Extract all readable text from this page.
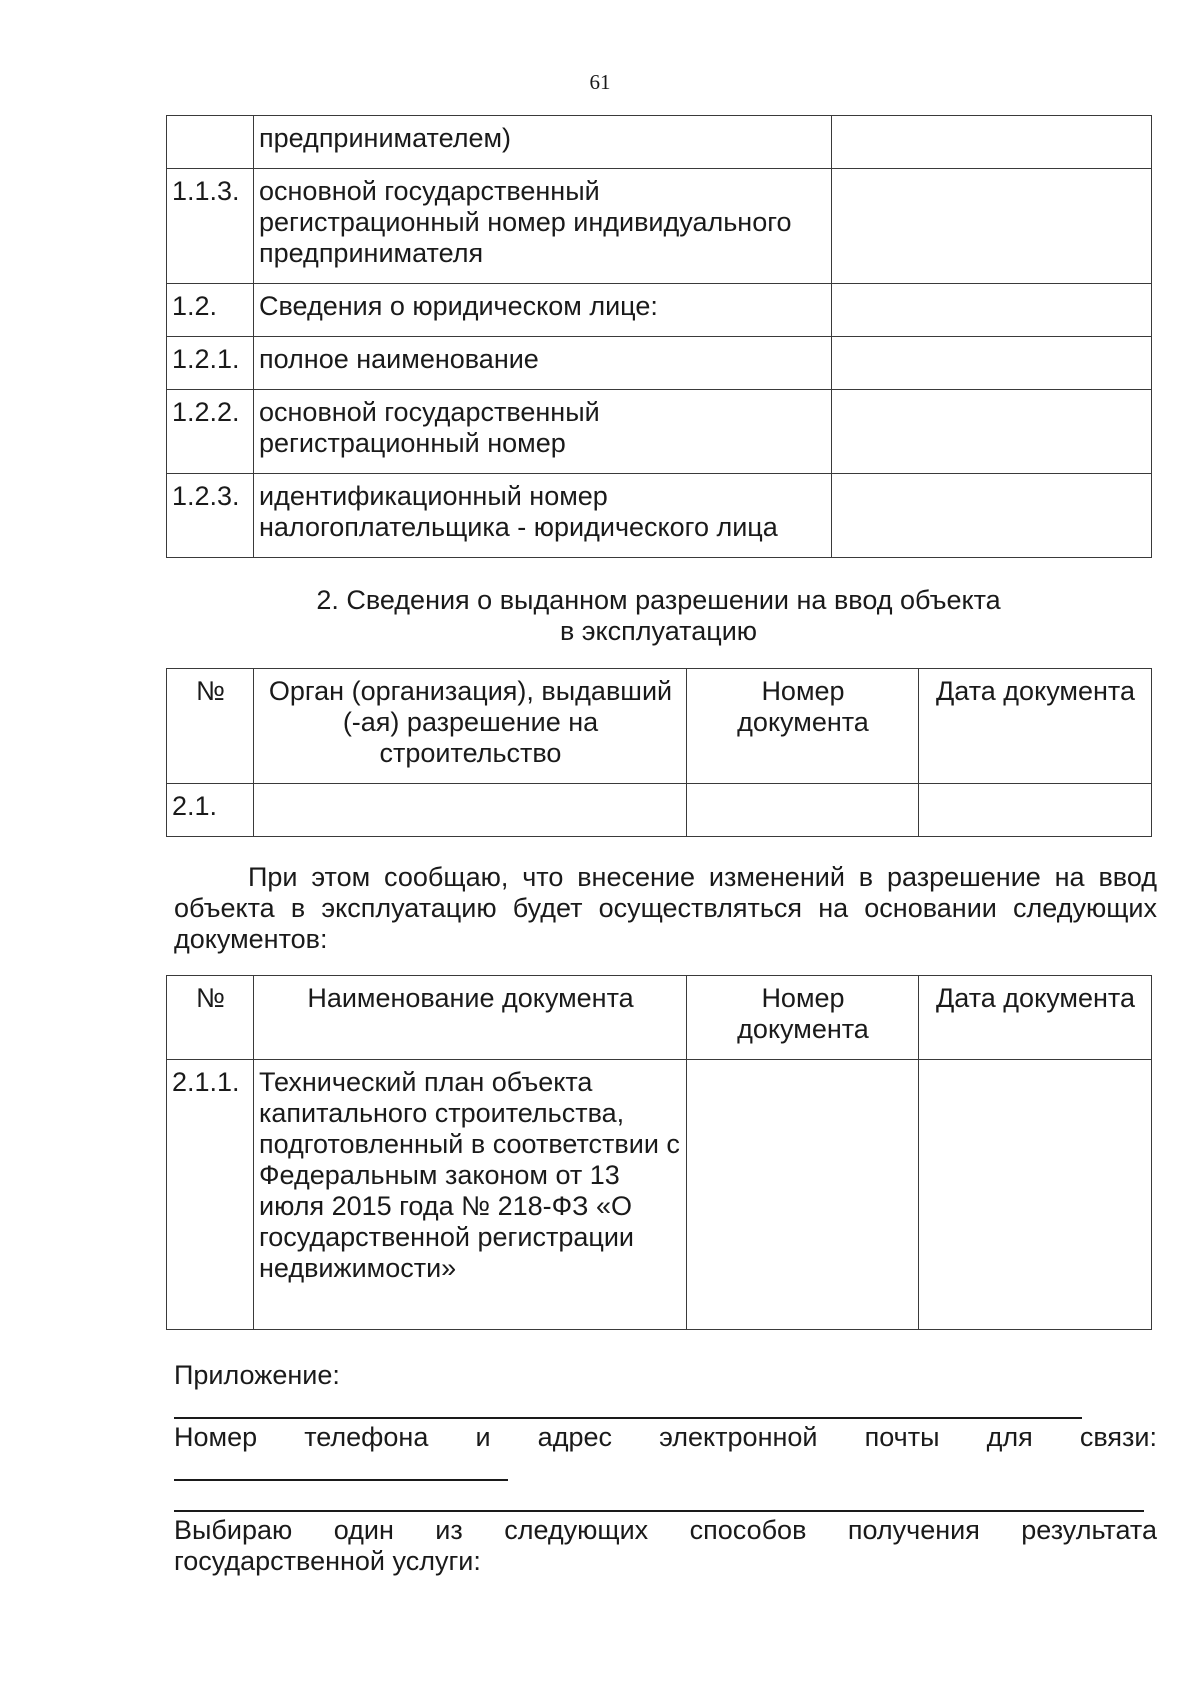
61
	предпринимателем)	
1.1.3.	основной государственный регистрационный номер индивидуального предпринимателя	
1.2.	Сведения о юридическом лице:	
1.2.1.	полное наименование	
1.2.2.	основной государственный регистрационный номер	
1.2.3.	идентификационный номер налогоплательщика - юридического лица	
2. Сведения о выданном разрешении на ввод объекта
в эксплуатацию
№	Орган (организация), выдавший (-ая) разрешение на строительство	Номер документа	Дата документа
2.1.			
При этом сообщаю, что внесение изменений в разрешение на ввод объекта в эксплуатацию будет осуществляться на основании следующих документов:
№	Наименование документа	Номер документа	Дата документа
2.1.1.	Технический план объекта капитального строительства, подготовленный в соответствии с Федеральным законом от 13 июля 2015 года № 218-ФЗ «О государственной регистрации недвижимости»		
Приложение:
Номер телефона и адрес электронной почты для связи:
Выбираю один из следующих способов получения результата государственной услуги:
